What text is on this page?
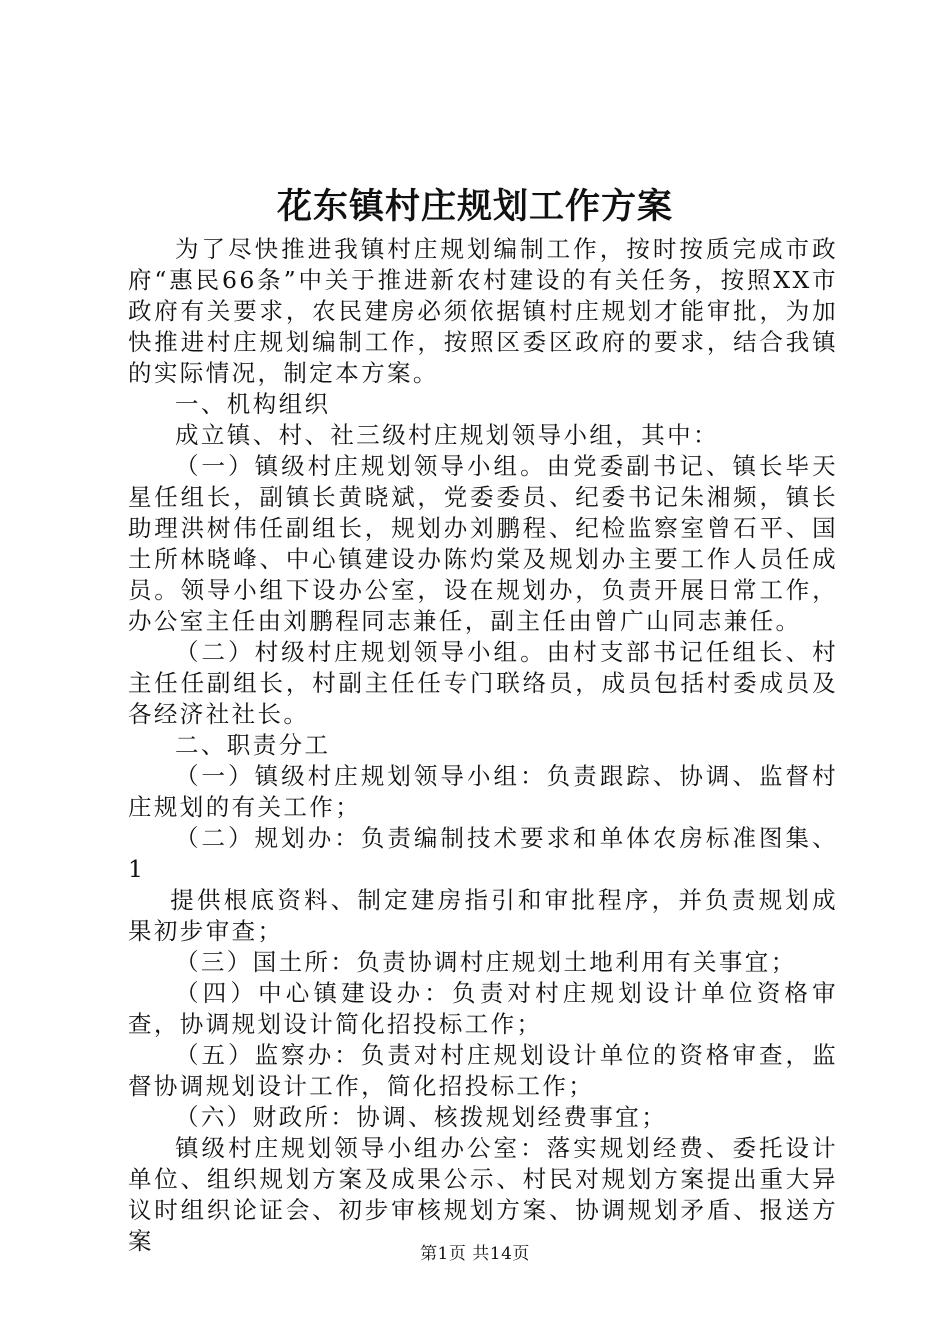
花东镇村庄规划工作方案

为了尽快推进我镇村庄规划编制工作，按时按质完成市政府“惠民66条”中关于推进新农村建设的有关任务，按照XX市政府有关要求，农民建房必须依据镇村庄规划才能审批，为加快推进村庄规划编制工作，按照区委区政府的要求，结合我镇的实际情况，制定本方案。

一、机构组织

成立镇、村、社三级村庄规划领导小组，其中：

（一）镇级村庄规划领导小组。由党委副书记、镇长毕天星任组长，副镇长黄晓斌，党委委员、纪委书记朱湘频，镇长助理洪树伟任副组长，规划办刘鹏程、纪检监察室曾石平、国土所林晓峰、中心镇建设办陈灼棠及规划办主要工作人员任成员。领导小组下设办公室，设在规划办，负责开展日常工作，办公室主任由刘鹏程同志兼任，副主任由曾广山同志兼任。

（二）村级村庄规划领导小组。由村支部书记任组长、村主任任副组长，村副主任任专门联络员，成员包括村委成员及各经济社社长。

二、职责分工

（一）镇级村庄规划领导小组：负责跟踪、协调、监督村庄规划的有关工作；

（二）规划办：负责编制技术要求和单体农房标准图集、1

提供根底资料、制定建房指引和审批程序，并负责规划成果初步审查；

（三）国土所：负责协调村庄规划土地利用有关事宜；

（四）中心镇建设办：负责对村庄规划设计单位资格审查，协调规划设计简化招投标工作；

（五）监察办：负责对村庄规划设计单位的资格审查，监督协调规划设计工作，简化招投标工作；

（六）财政所：协调、核拨规划经费事宜；

镇级村庄规划领导小组办公室：落实规划经费、委托设计单位、组织规划方案及成果公示、村民对规划方案提出重大异议时组织论证会、初步审核规划方案、协调规划矛盾、报送方案	第1页 共14页
